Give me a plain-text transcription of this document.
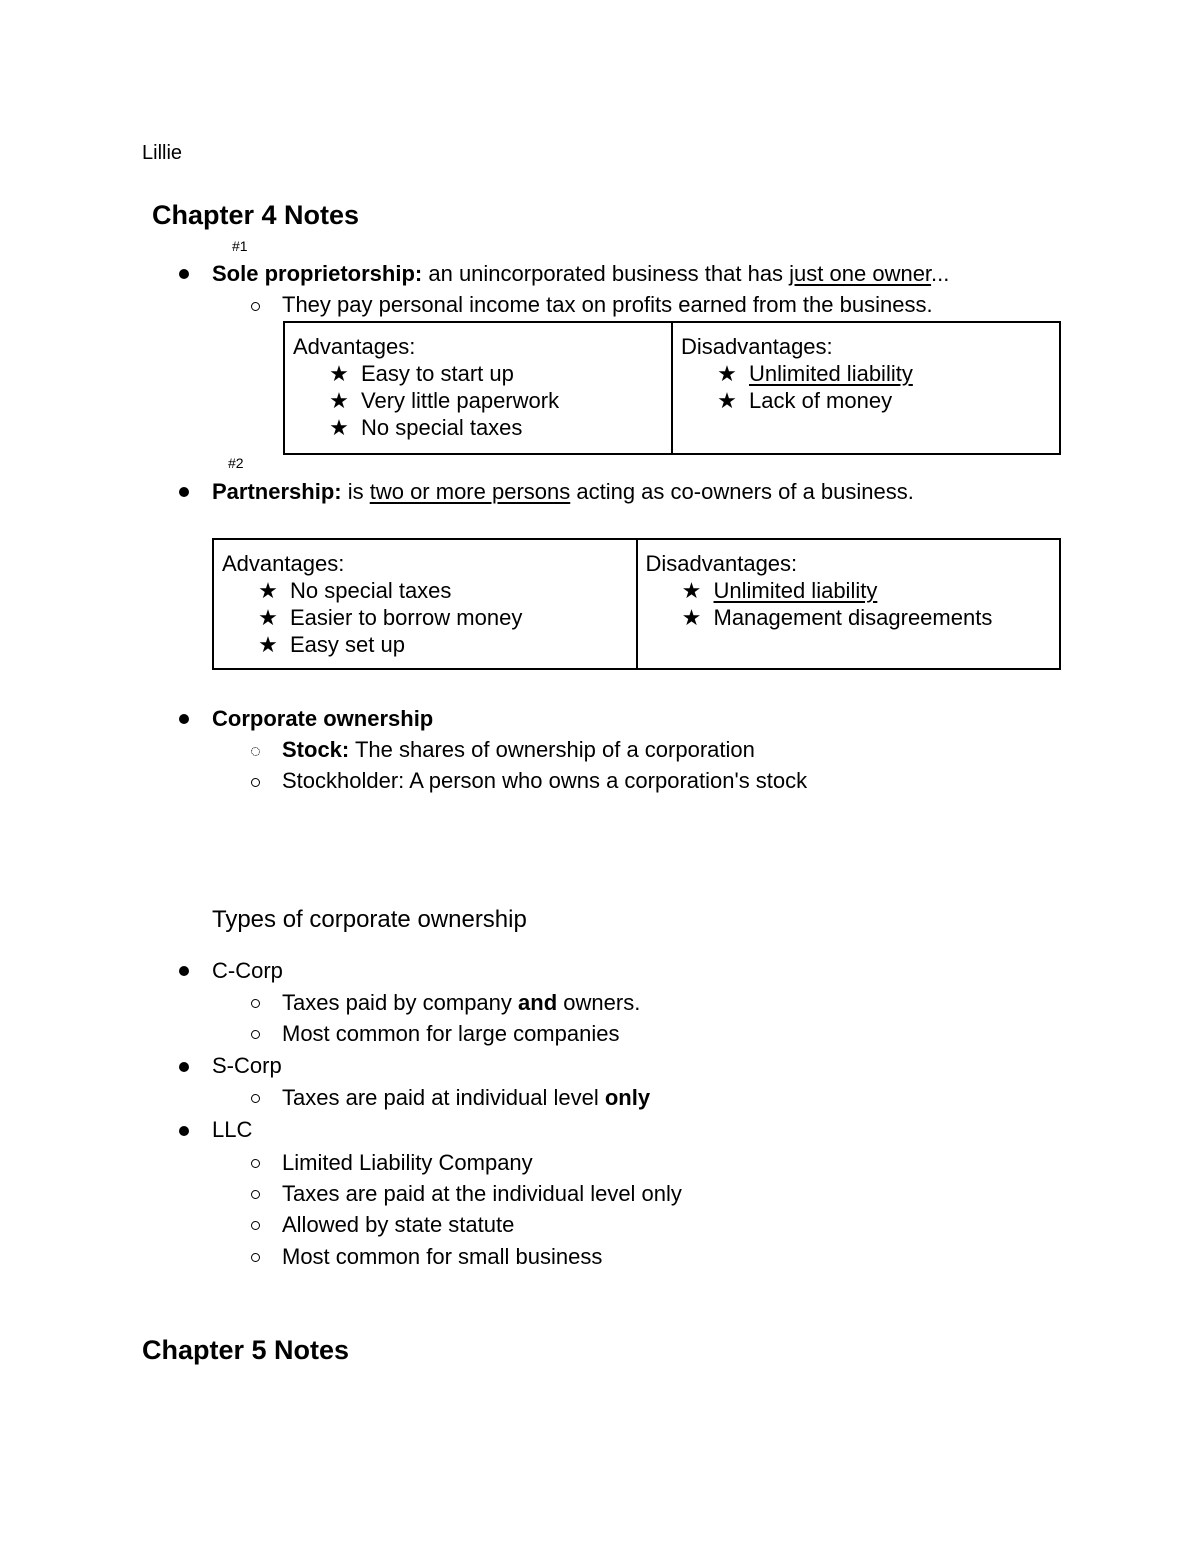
Lillie
Chapter 4 Notes
#1
Sole proprietorship: an unincorporated business that has just one owner...
They pay personal income tax on profits earned from the business.
Advantages:
★ Easy to start up
★ Very little paperwork
★ No special taxes
Disadvantages:
★ Unlimited liability
★ Lack of money
#2
Partnership: is two or more persons acting as co-owners of a business.
Advantages:
★ No special taxes
★ Easier to borrow money
★ Easy set up
Disadvantages:
★ Unlimited liability
★ Management disagreements
Corporate ownership
Stock: The shares of ownership of a corporation
Stockholder: A person who owns a corporation's stock
Types of corporate ownership
C-Corp
Taxes paid by company and owners.
Most common for large companies
S-Corp
Taxes are paid at individual level only
LLC
Limited Liability Company
Taxes are paid at the individual level only
Allowed by state statute
Most common for small business
Chapter 5 Notes
